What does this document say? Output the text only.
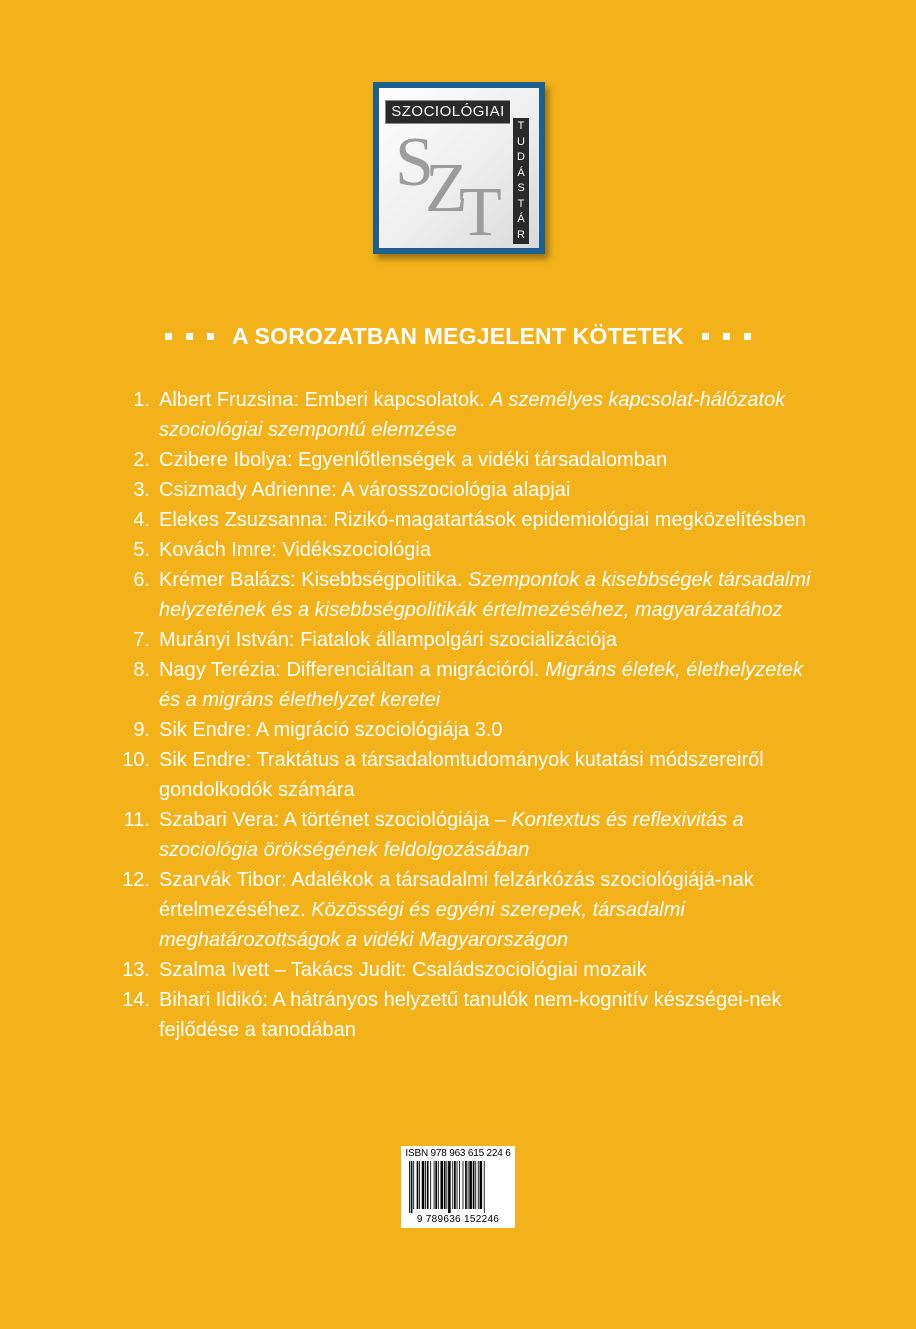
SZOCIOLÓGIAI
S
Z
T
T
U
D
Á
S
T
Á
R
A SOROZATBAN MEGJELENT KÖTETEK
1. Albert Fruzsina: Emberi kapcsolatok. A személyes kapcsolat-hálózatok szociológiai szempontú elemzése
2. Czibere Ibolya: Egyenlőtlenségek a vidéki társadalomban
3. Csizmady Adrienne: A városszociológia alapjai
4. Elekes Zsuzsanna: Rizikó-magatartások epidemiológiai megközelítésben
5. Kovách Imre: Vidékszociológia
6. Krémer Balázs: Kisebbségpolitika. Szempontok a kisebbségek társadalmi helyzetének és a kisebbségpolitikák értelmezéséhez, magyarázatához
7. Murányi István: Fiatalok állampolgári szocializációja
8. Nagy Terézia: Differenciáltan a migrációról. Migráns életek, élethelyzetek és a migráns élethelyzet keretei
9. Sik Endre: A migráció szociológiája 3.0
10. Sik Endre: Traktátus a társadalomtudományok kutatási módszereiről gondolkodók számára
11. Szabari Vera: A történet szociológiája – Kontextus és reflexivitás a szociológia örökségének feldolgozásában
12. Szarvák Tibor: Adalékok a társadalmi felzárkózás szociológiájá-nak értelmezéséhez. Közösségi és egyéni szerepek, társadalmi meghatározottságok a vidéki Magyarországon
13. Szalma Ivett – Takács Judit: Családszociológiai mozaik
14. Bihari Ildikó: A hátrányos helyzetű tanulók nem-kognitív készségei-nek fejlődése a tanodában
ISBN 978 963 615 224 6
9 789636 152246
